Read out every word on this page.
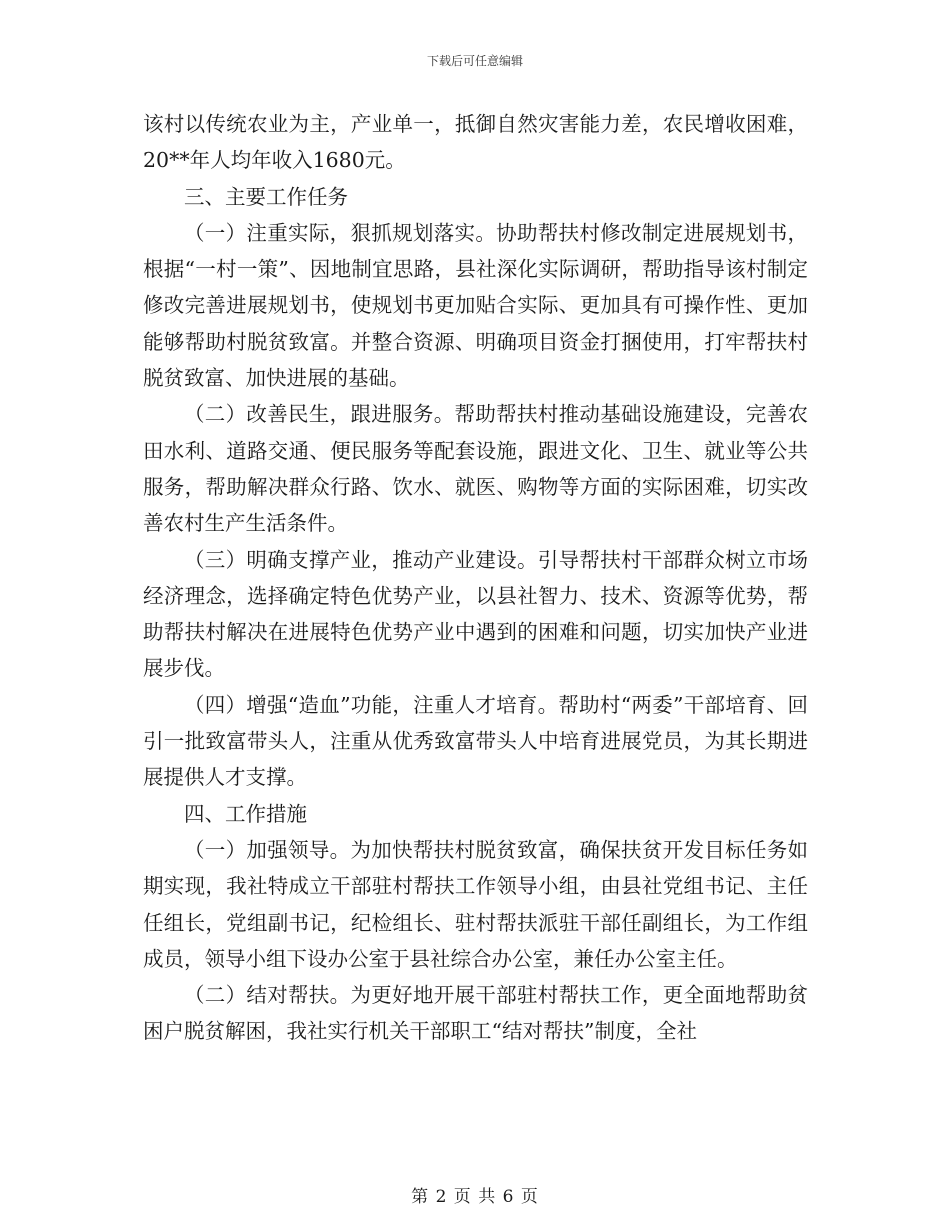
下载后可任意编辑

该村以传统农业为主，产业单一，抵御自然灾害能力差，农民增收困难，20**年人均年收入1680元。

三、主要工作任务

（一）注重实际，狠抓规划落实。协助帮扶村修改制定进展规划书，根据“一村一策”、因地制宜思路，县社深化实际调研，帮助指导该村制定修改完善进展规划书，使规划书更加贴合实际、更加具有可操作性、更加能够帮助村脱贫致富。并整合资源、明确项目资金打捆使用，打牢帮扶村脱贫致富、加快进展的基础。

（二）改善民生，跟进服务。帮助帮扶村推动基础设施建设，完善农田水利、道路交通、便民服务等配套设施，跟进文化、卫生、就业等公共服务，帮助解决群众行路、饮水、就医、购物等方面的实际困难，切实改善农村生产生活条件。

（三）明确支撑产业，推动产业建设。引导帮扶村干部群众树立市场经济理念，选择确定特色优势产业，以县社智力、技术、资源等优势，帮助帮扶村解决在进展特色优势产业中遇到的困难和问题，切实加快产业进展步伐。

（四）增强“造血”功能，注重人才培育。帮助村“两委”干部培育、回引一批致富带头人，注重从优秀致富带头人中培育进展党员，为其长期进展提供人才支撑。

四、工作措施

（一）加强领导。为加快帮扶村脱贫致富，确保扶贫开发目标任务如期实现，我社特成立干部驻村帮扶工作领导小组，由县社党组书记、主任任组长，党组副书记，纪检组长、驻村帮扶派驻干部任副组长，为工作组成员，领导小组下设办公室于县社综合办公室，兼任办公室主任。

（二）结对帮扶。为更好地开展干部驻村帮扶工作，更全面地帮助贫困户脱贫解困，我社实行机关干部职工“结对帮扶”制度，全社

第 2 页 共 6 页
